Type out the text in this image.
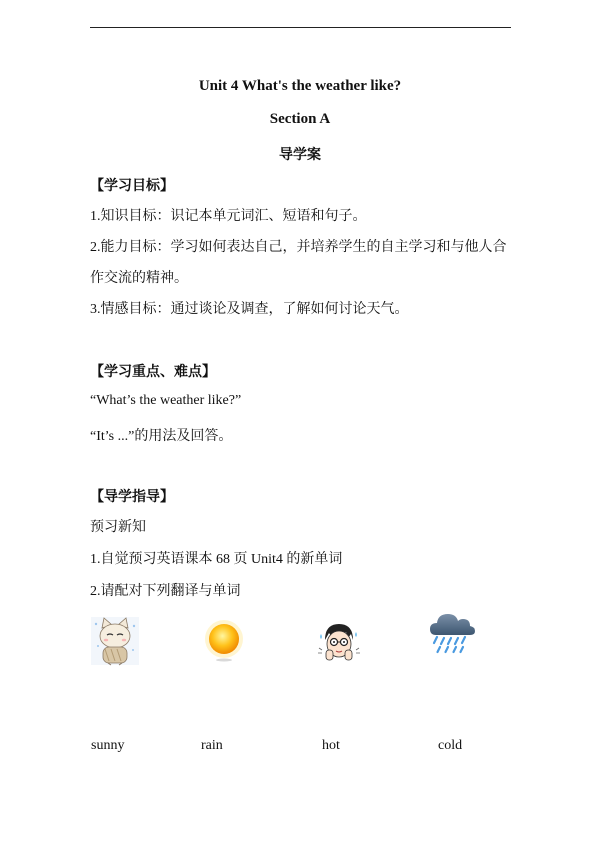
Unit 4 What's the weather like?
Section A
导学案
【学习目标】
1.知识目标：识记本单元词汇、短语和句子。
2.能力目标：学习如何表达自己，并培养学生的自主学习和与他人合
作交流的精神。
3.情感目标：通过谈论及调查，了解如何讨论天气。
【学习重点、难点】
“What’s the weather like?”
“It’s ...”的用法及回答。
【导学指导】
预习新知
1.自觉预习英语课本 68 页 Unit4 的新单词
2.请配对下列翻译与单词
sunny	rain	hot	cold
